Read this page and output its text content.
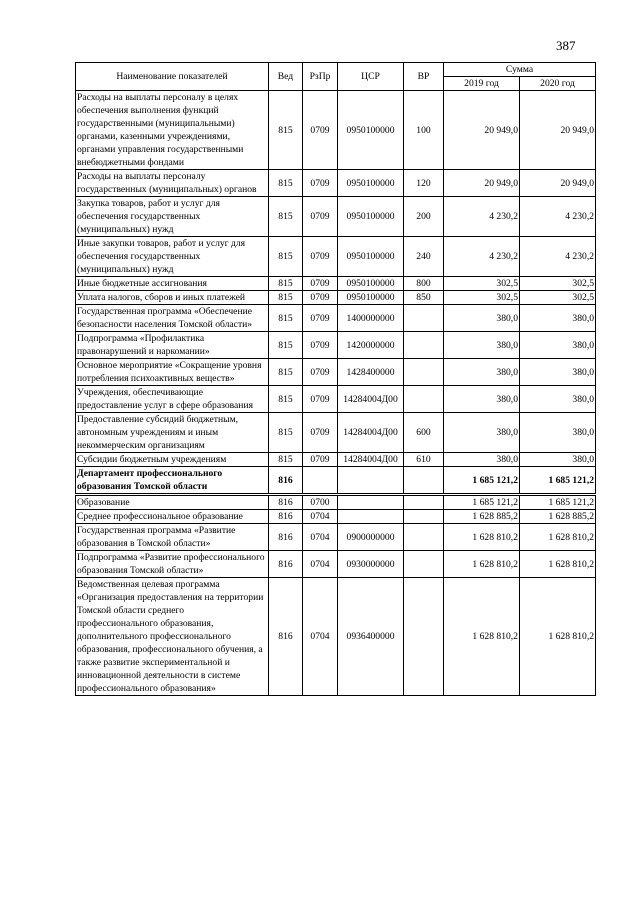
387
Наименование показателей	Вед	РзПр	ЦСР	ВР	Сумма	
					2019 год	2020 год
Расходы на выплаты персоналу в целях обеспечения выполнения функций государственными (муниципальными) органами, казенными учреждениями, органами управления государственными внебюджетными фондами	815	0709	0950100000	100	20 949,0	20 949,0
Расходы на выплаты персоналу государственных (муниципальных) органов	815	0709	0950100000	120	20 949,0	20 949,0
Закупка товаров, работ и услуг для обеспечения государственных (муниципальных) нужд	815	0709	0950100000	200	4 230,2	4 230,2
Иные закупки товаров, работ и услуг для обеспечения государственных (муниципальных) нужд	815	0709	0950100000	240	4 230,2	4 230,2
Иные бюджетные ассигнования	815	0709	0950100000	800	302,5	302,5
Уплата налогов, сборов и иных платежей	815	0709	0950100000	850	302,5	302,5
Государственная программа «Обеспечение безопасности населения Томской области»	815	0709	1400000000		380,0	380,0
Подпрограмма «Профилактика правонарушений и наркомании»	815	0709	1420000000		380,0	380,0
Основное мероприятие «Сокращение уровня потребления психоактивных веществ»	815	0709	1428400000		380,0	380,0
Учреждения, обеспечивающие предоставление услуг в сфере образования	815	0709	14284004Д00		380,0	380,0
Предоставление субсидий бюджетным, автономным учреждениям и иным некоммерческим организациям	815	0709	14284004Д00	600	380,0	380,0
Субсидии бюджетным учреждениям	815	0709	14284004Д00	610	380,0	380,0
Департамент профессионального образования Томской области	816				1 685 121,2	1 685 121,2
Образование	816	0700			1 685 121,2	1 685 121,2
Среднее профессиональное образование	816	0704			1 628 885,2	1 628 885,2
Государственная программа «Развитие образования в Томской области»	816	0704	0900000000		1 628 810,2	1 628 810,2
Подпрограмма «Развитие профессионального образования Томской области»	816	0704	0930000000		1 628 810,2	1 628 810,2
Ведомственная целевая программа «Организация предоставления на территории Томской области среднего профессионального образования, дополнительного профессионального образования, профессионального обучения, а также развитие экспериментальной и инновационной деятельности в системе профессионального образования»	816	0704	0936400000		1 628 810,2	1 628 810,2
